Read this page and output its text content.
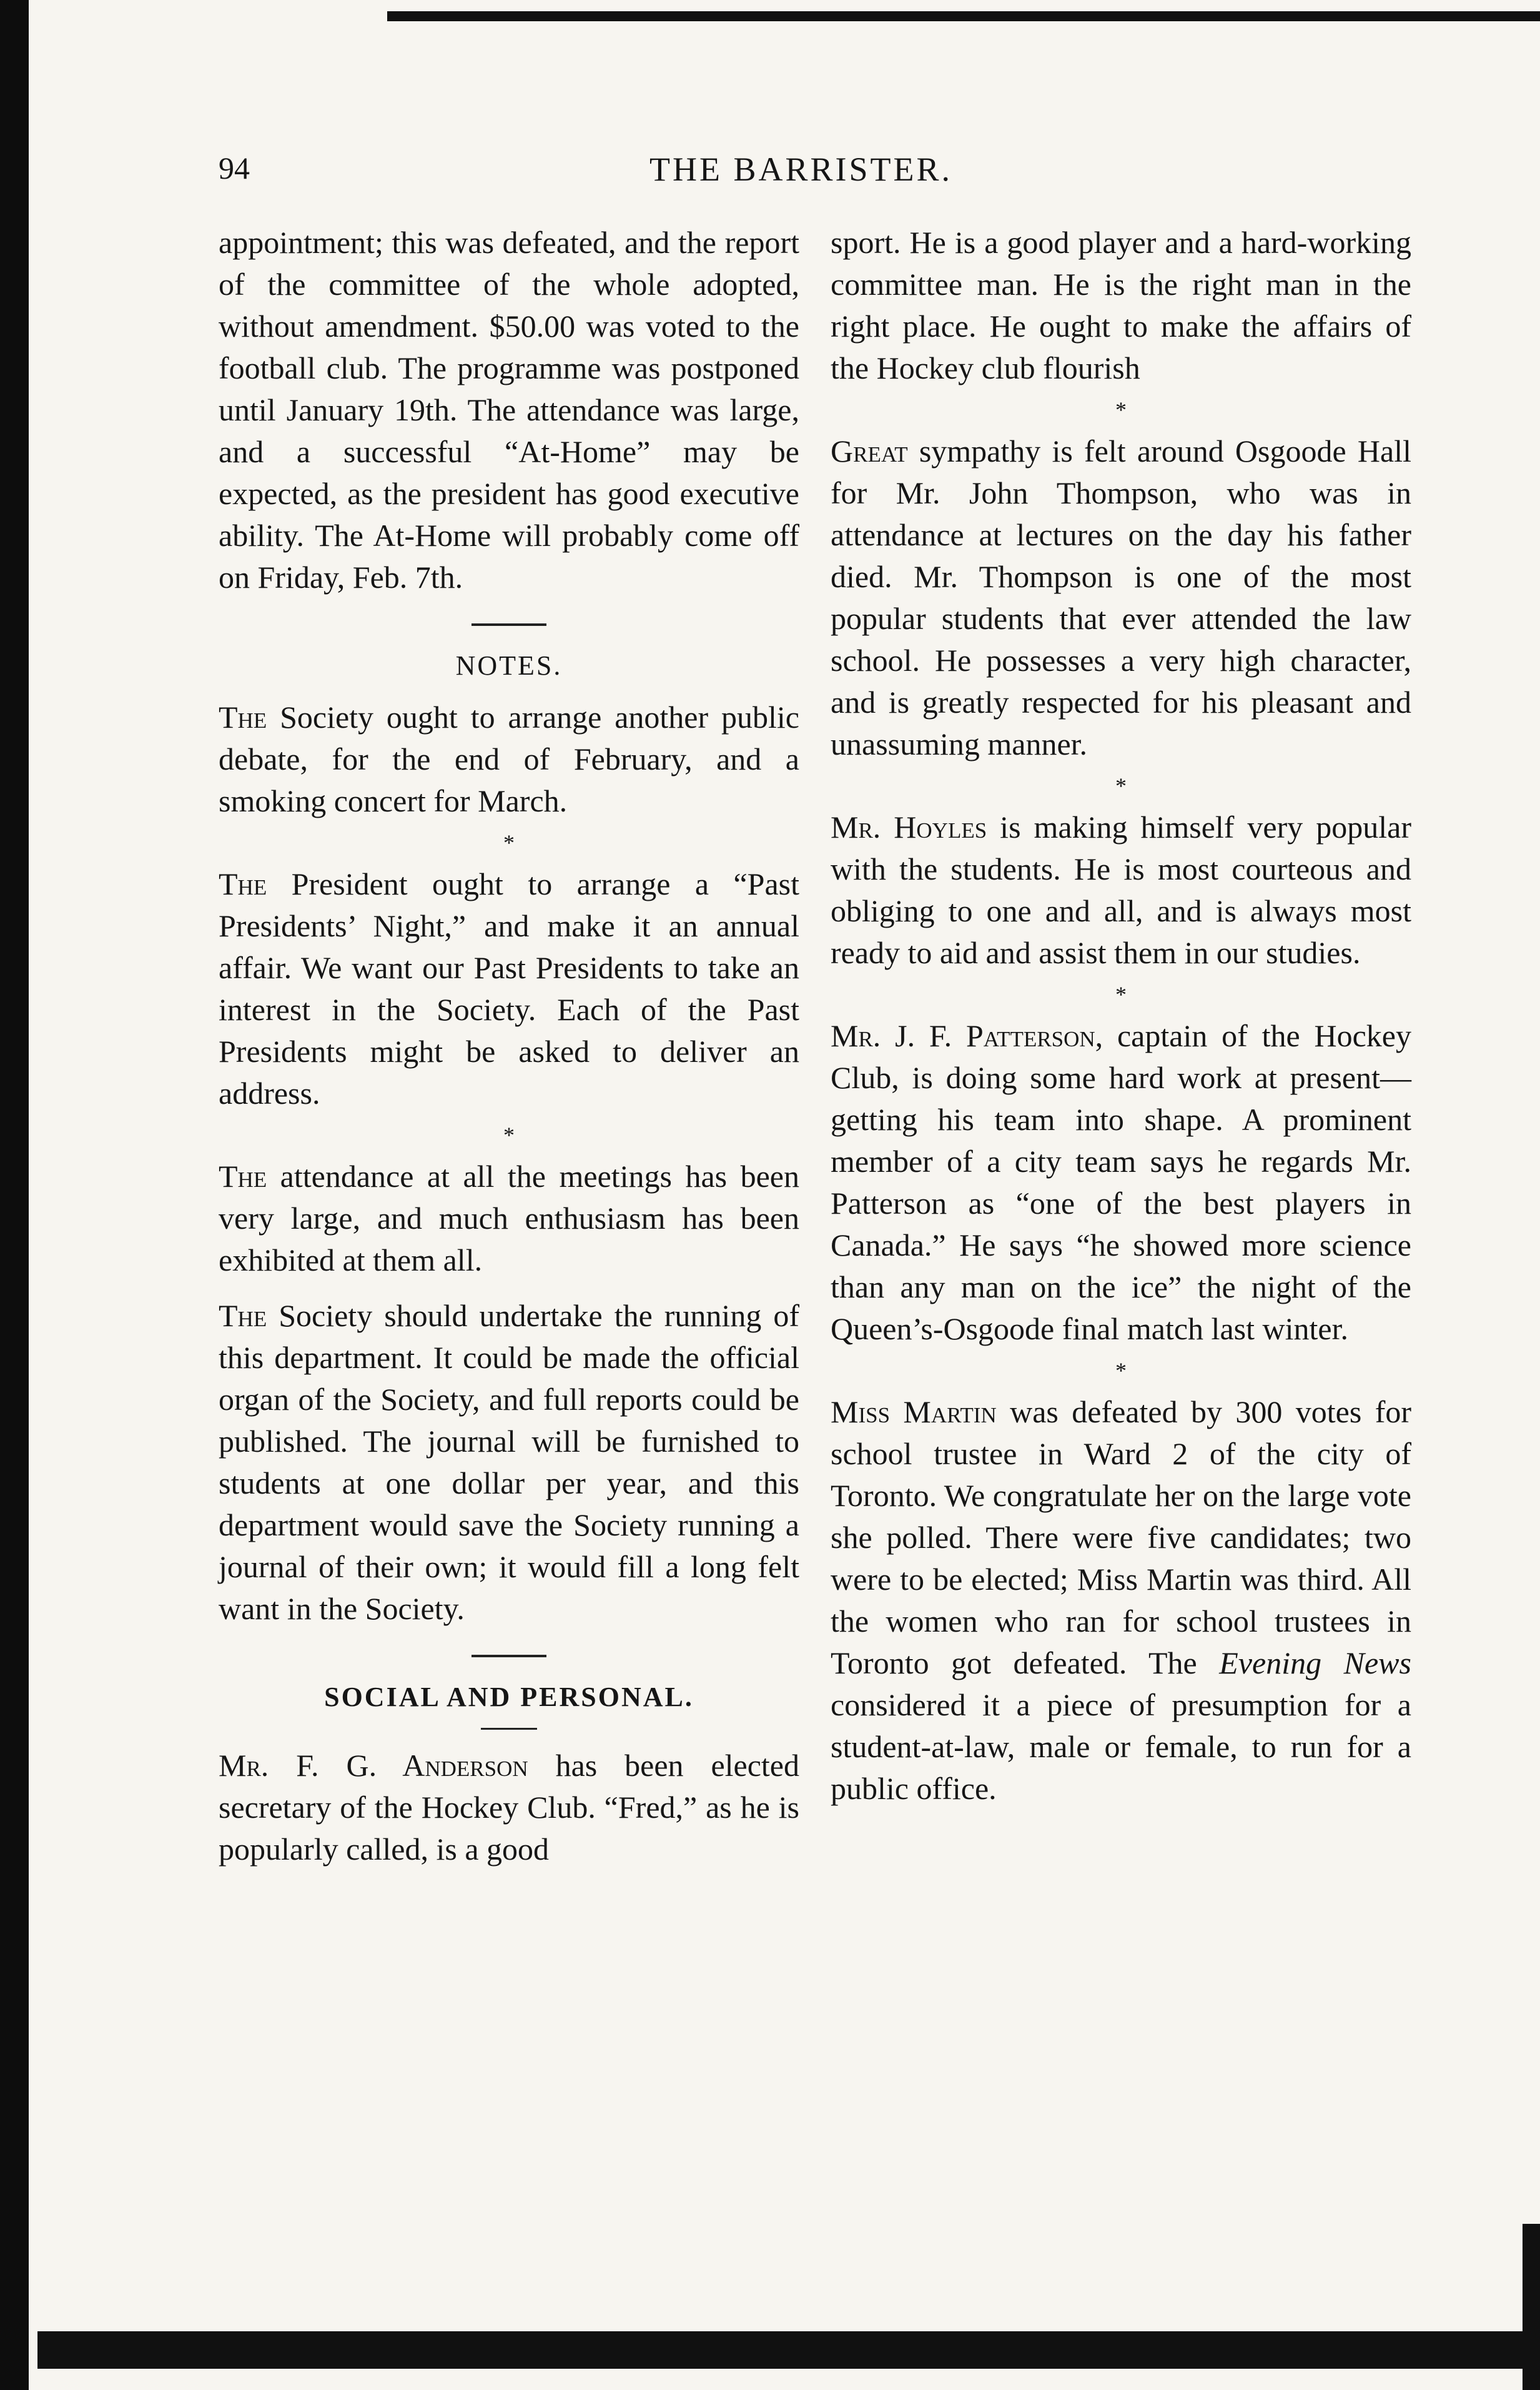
94	THE BARRISTER.

appointment; this was defeated, and the report of the committee of the whole adopted, without amendment. $50.00 was voted to the football club. The programme was postponed until January 19th. The attendance was large, and a successful “At-Home” may be expected, as the president has good executive ability. The At-Home will probably come off on Friday, Feb. 7th.

NOTES.

The Society ought to arrange another public debate, for the end of February, and a smoking concert for March.

*

The President ought to arrange a “Past Presidents’ Night,” and make it an annual affair. We want our Past Presidents to take an interest in the Society. Each of the Past Presidents might be asked to deliver an address.

*

The attendance at all the meetings has been very large, and much enthusiasm has been exhibited at them all.

The Society should undertake the running of this department. It could be made the official organ of the Society, and full reports could be published. The journal will be furnished to students at one dollar per year, and this department would save the Society running a journal of their own; it would fill a long felt want in the Society.

SOCIAL AND PERSONAL.

Mr. F. G. Anderson has been elected secretary of the Hockey Club. “Fred,” as he is popularly called, is a good

sport. He is a good player and a hard-working committee man. He is the right man in the right place. He ought to make the affairs of the Hockey club flourish

*

Great sympathy is felt around Osgoode Hall for Mr. John Thompson, who was in attendance at lectures on the day his father died. Mr. Thompson is one of the most popular students that ever attended the law school. He possesses a very high character, and is greatly respected for his pleasant and unassuming manner.

*

Mr. Hoyles is making himself very popular with the students. He is most courteous and obliging to one and all, and is always most ready to aid and assist them in our studies.

*

Mr. J. F. Patterson, captain of the Hockey Club, is doing some hard work at present—getting his team into shape. A prominent member of a city team says he regards Mr. Patterson as “one of the best players in Canada.” He says “he showed more science than any man on the ice” the night of the Queen’s-Osgoode final match last winter.

*

Miss Martin was defeated by 300 votes for school trustee in Ward 2 of the city of Toronto. We congratulate her on the large vote she polled. There were five candidates; two were to be elected; Miss Martin was third. All the women who ran for school trustees in Toronto got defeated. The Evening News considered it a piece of presumption for a student-at-law, male or female, to run for a public office.
